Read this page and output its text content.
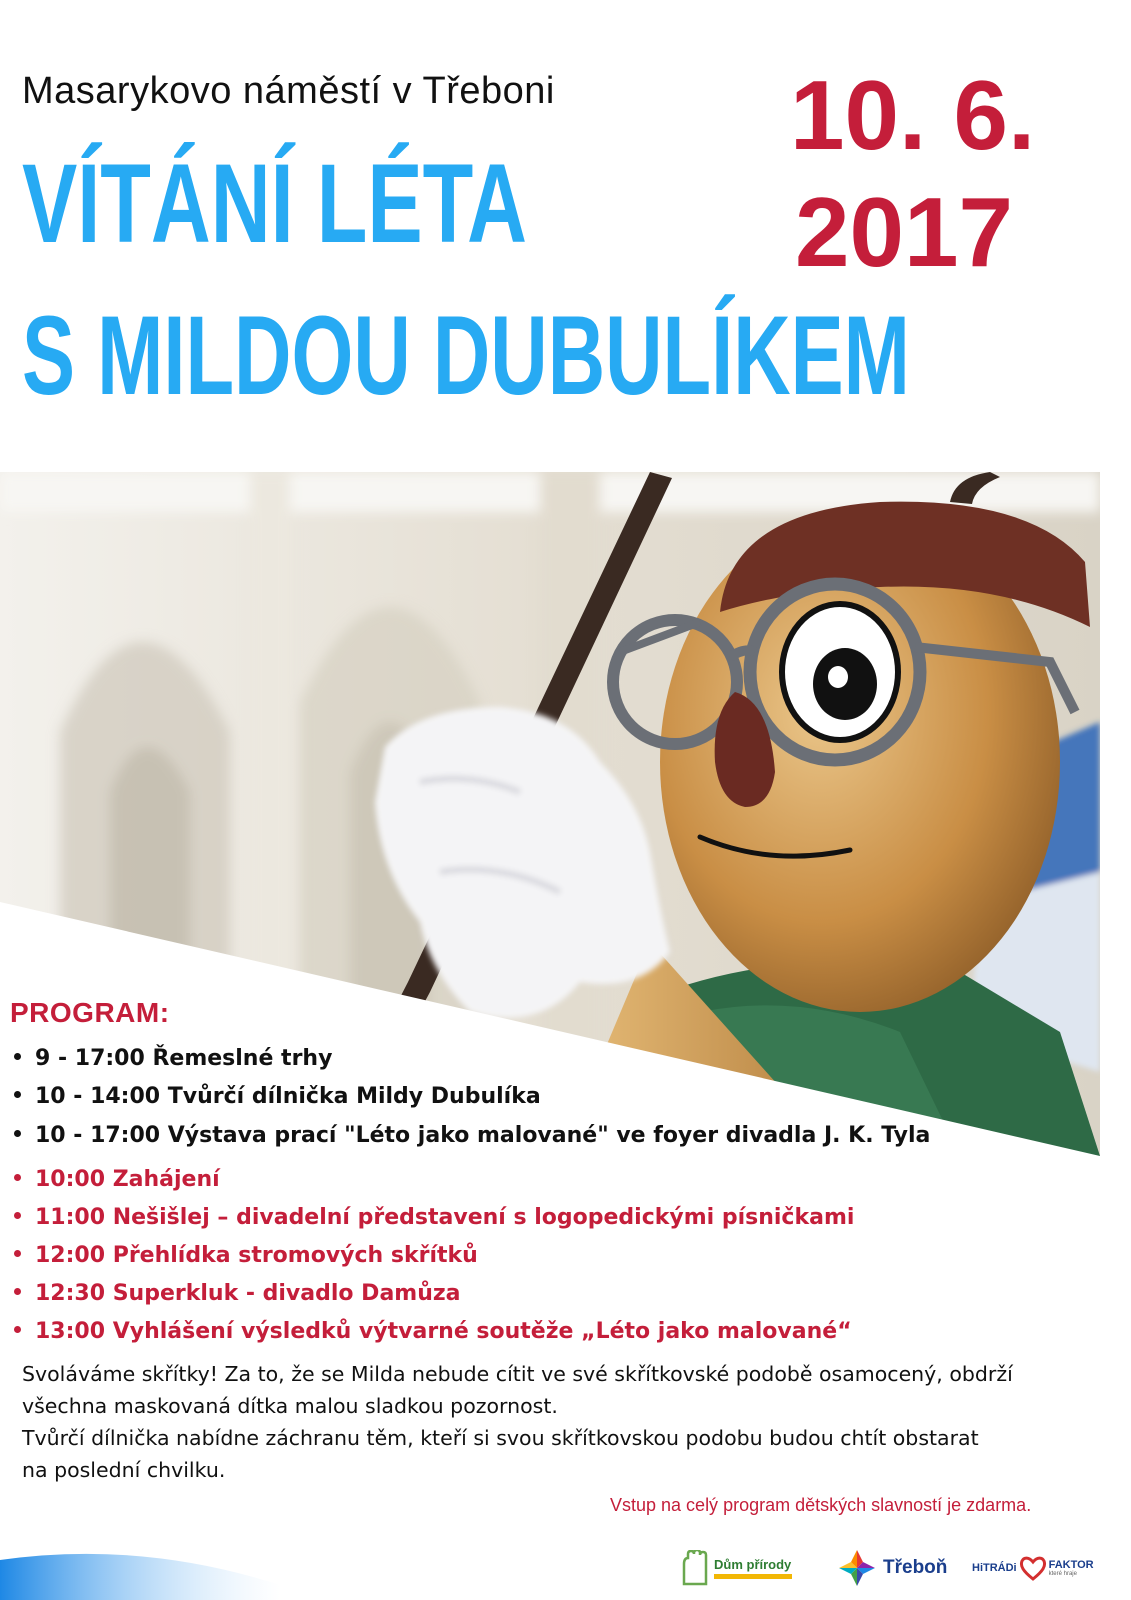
Masarykovo náměstí v Třeboni
VÍTÁNÍ LÉTA
S MILDOU DUBULÍKEM
10. 6.
2017
PROGRAM:
9 - 17:00 Řemeslné trhy
10 - 14:00 Tvůrčí dílnička Mildy Dubulíka
10 - 17:00 Výstava prací "Léto jako malované" ve foyer divadla J. K. Tyla
10:00 Zahájení
11:00 Nešišlej – divadelní představení s logopedickými písničkami
12:00 Přehlídka stromových skřítků
12:30 Superkluk - divadlo Damůza
13:00 Vyhlášení výsledků výtvarné soutěže „Léto jako malované“
Svoláváme skřítky! Za to, že se Milda nebude cítit ve své skřítkovské podobě osamocený, obdrží
všechna maskovaná dítka malou sladkou pozornost.
Tvůrčí dílnička nabídne záchranu těm, kteří si svou skřítkovskou podobu budou chtít obstarat
na poslední chvilku.
Vstup na celý program dětských slavností je zdarma.
Dům přírody	Třeboň HiTRÁDi	FAKTOR
které hraje
